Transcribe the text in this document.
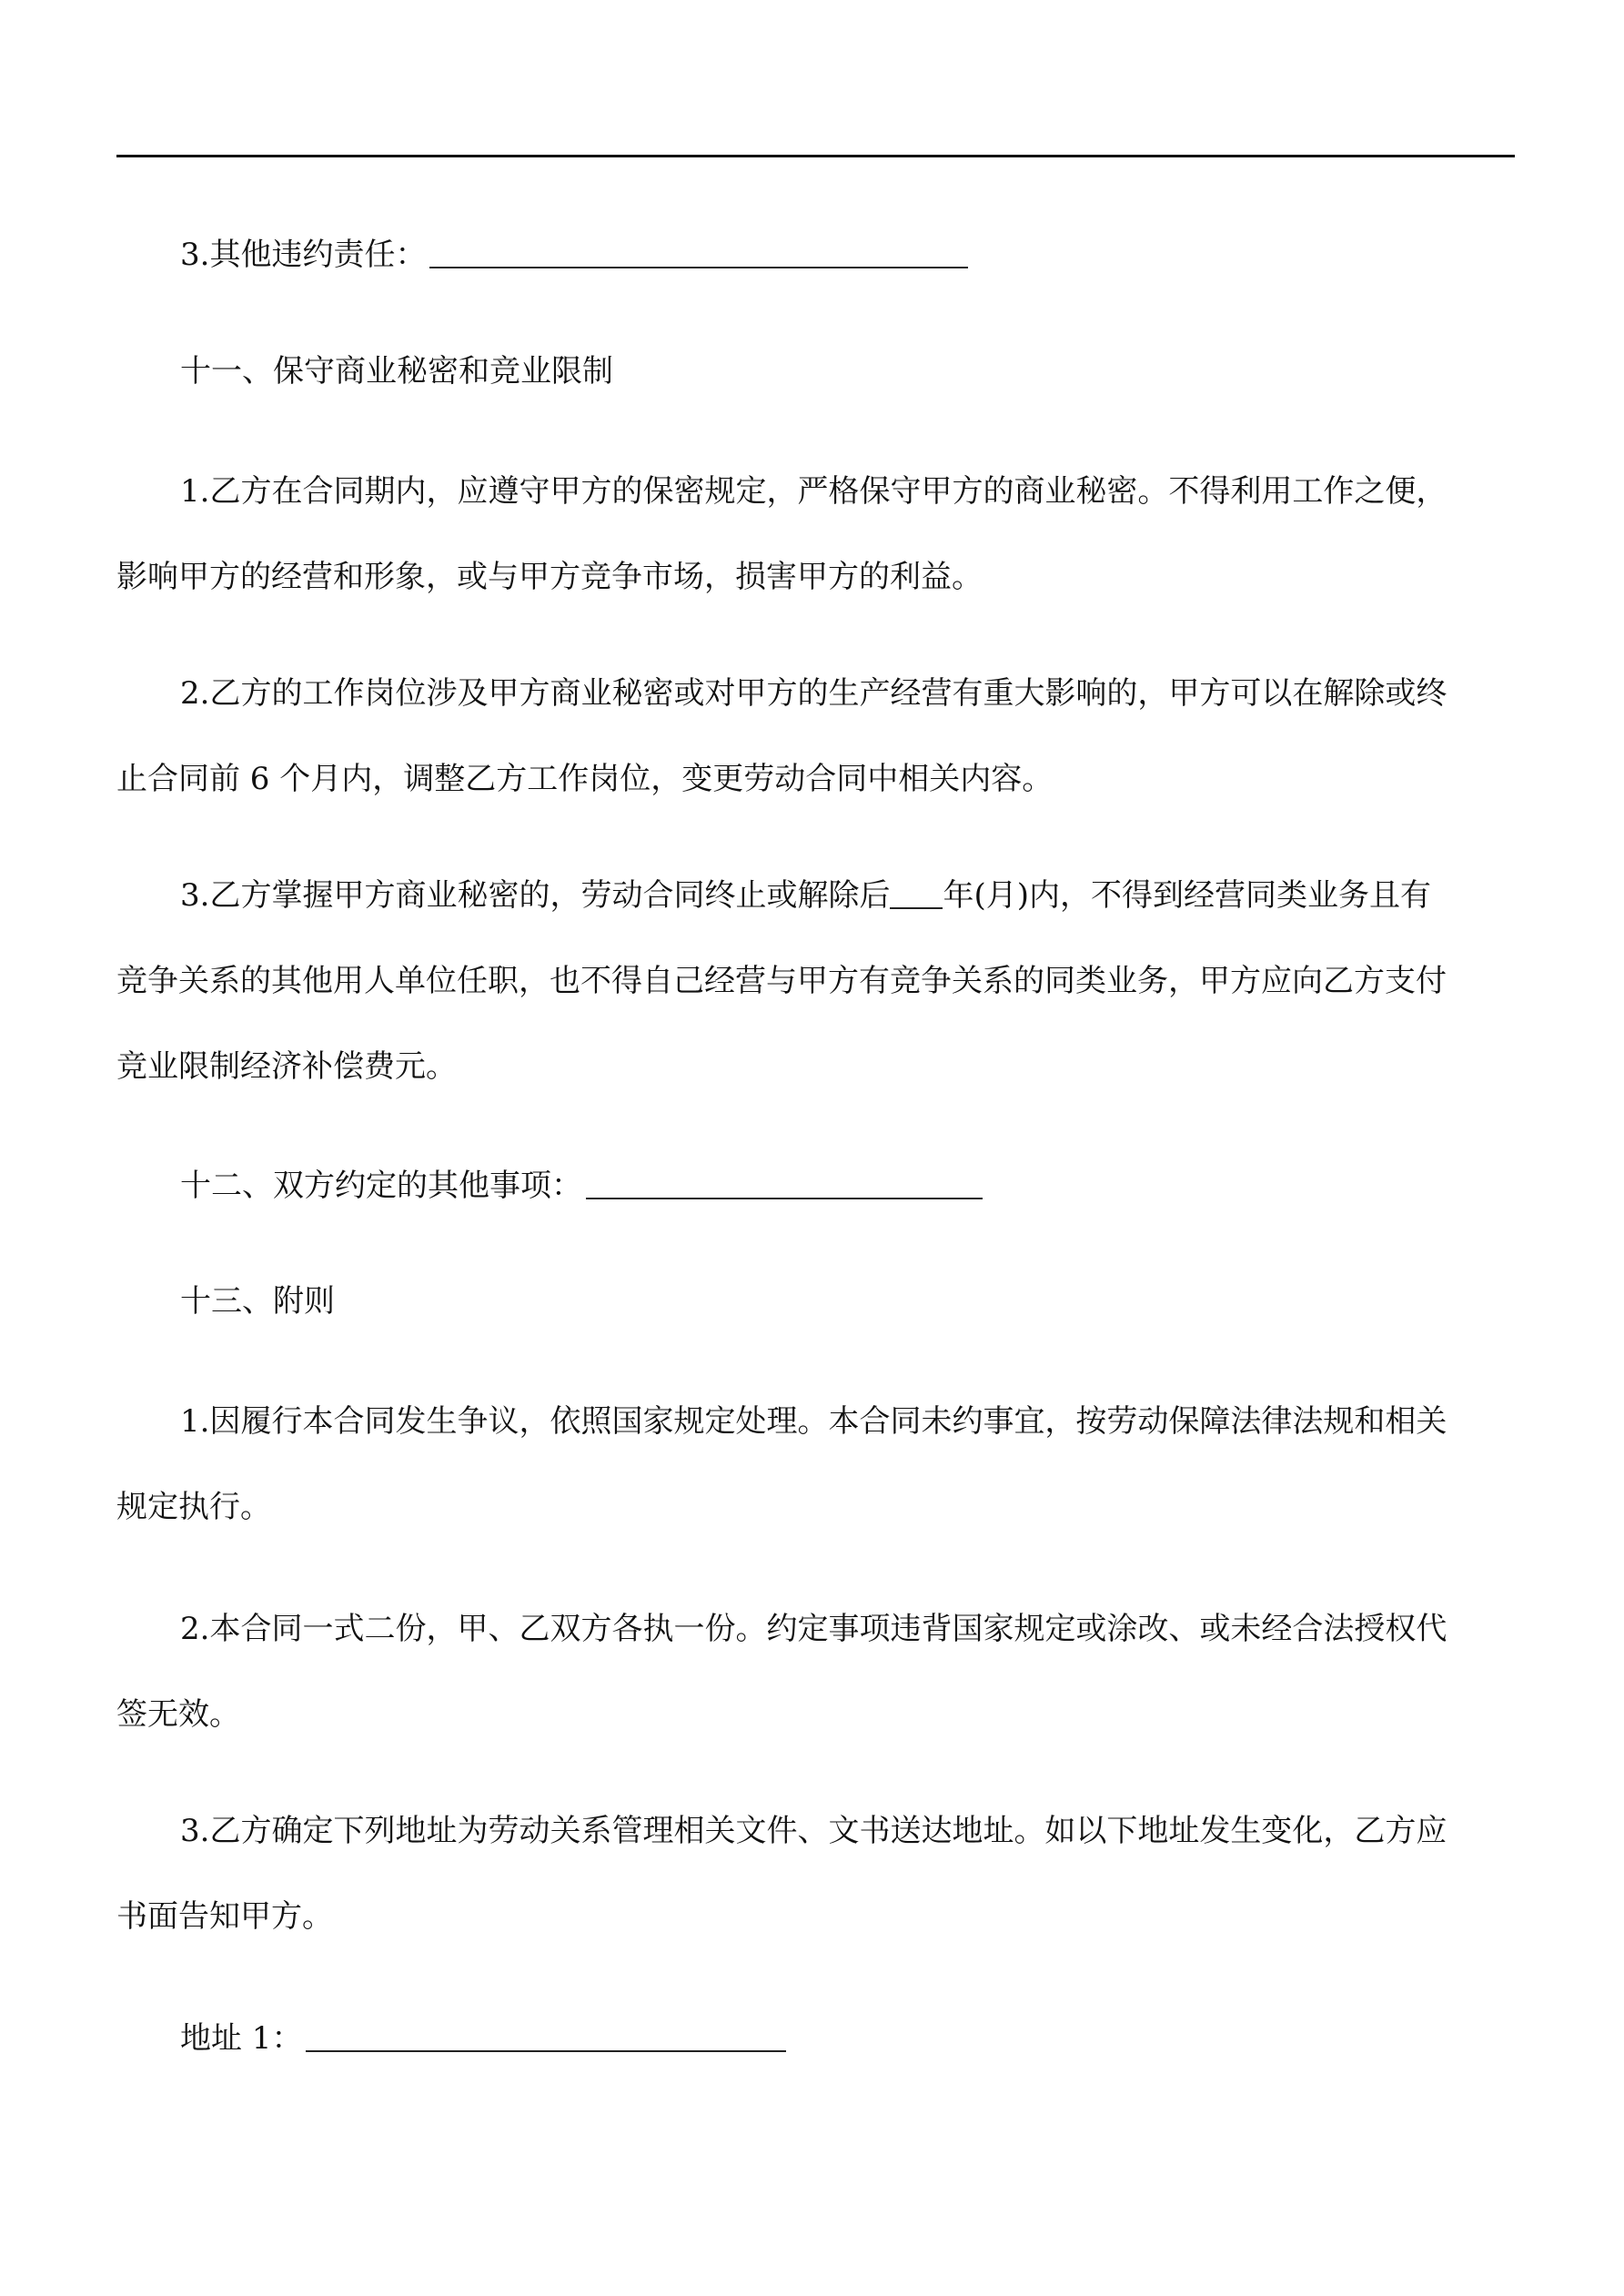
3.其他违约责任：

十一、保守商业秘密和竞业限制

1.乙方在合同期内，应遵守甲方的保密规定，严格保守甲方的商业秘密。不得利用工作之便，
影响甲方的经营和形象，或与甲方竞争市场，损害甲方的利益。
2.乙方的工作岗位涉及甲方商业秘密或对甲方的生产经营有重大影响的，甲方可以在解除或终
止合同前 6 个月内，调整乙方工作岗位，变更劳动合同中相关内容。
3.乙方掌握甲方商业秘密的，劳动合同终止或解除后 年(月)内，不得到经营同类业务且有
竞争关系的其他用人单位任职，也不得自己经营与甲方有竞争关系的同类业务，甲方应向乙方支付
竞业限制经济补偿费元。

十二、双方约定的其他事项：

十三、附则

1.因履行本合同发生争议，依照国家规定处理。本合同未约事宜，按劳动保障法律法规和相关
规定执行。
2.本合同一式二份，甲、乙双方各执一份。约定事项违背国家规定或涂改、或未经合法授权代
签无效。
3.乙方确定下列地址为劳动关系管理相关文件、文书送达地址。如以下地址发生变化，乙方应
书面告知甲方。

地址 1：
